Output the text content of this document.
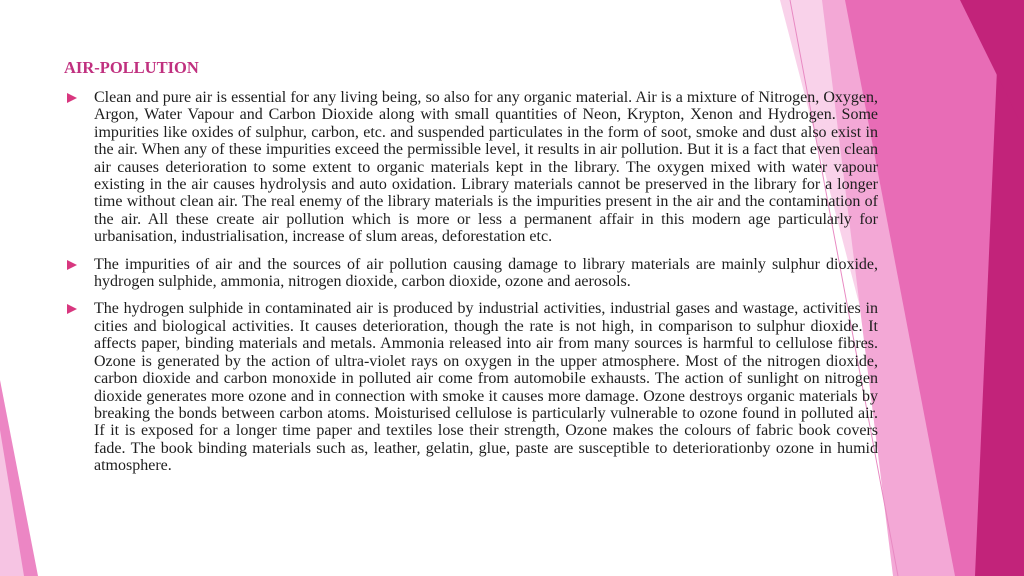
AIR-POLLUTION
Clean and pure air is essential for any living being, so also for any organic material. Air is a mixture of Nitrogen, Oxygen, Argon, Water Vapour and Carbon Dioxide along with small quantities of Neon, Krypton, Xenon and Hydrogen. Some impurities like oxides of sulphur, carbon, etc. and suspended particulates in the form of soot, smoke and dust also exist in the air. When any of these impurities exceed the permissible level, it results in air pollution. But it is a fact that even clean air causes deterioration to some extent to organic materials kept in the library. The oxygen mixed with water vapour existing in the air causes hydrolysis and auto oxidation. Library materials cannot be preserved in the library for a longer time without clean air. The real enemy of the library materials is the impurities present in the air and the contamination of the air. All these create air pollution which is more or less a permanent affair in this modern age particularly for urbanisation, industrialisation, increase of slum areas, deforestation etc.
The impurities of air and the sources of air pollution causing damage to library materials are mainly sulphur dioxide, hydrogen sulphide, ammonia, nitrogen dioxide, carbon dioxide, ozone and aerosols.
The hydrogen sulphide in contaminated air is produced by industrial activities, industrial gases and wastage, activities in cities and biological activities. It causes deterioration, though the rate is not high, in comparison to sulphur dioxide. It affects paper, binding materials and metals. Ammonia released into air from many sources is harmful to cellulose fibres. Ozone is generated by the action of ultra-violet rays on oxygen in the upper atmosphere. Most of the nitrogen dioxide, carbon dioxide and carbon monoxide in polluted air come from automobile exhausts. The action of sunlight on nitrogen dioxide generates more ozone and in connection with smoke it causes more damage. Ozone destroys organic materials by breaking the bonds between carbon atoms. Moisturised cellulose is particularly vulnerable to ozone found in polluted air. If it is exposed for a longer time paper and textiles lose their strength, Ozone makes the colours of fabric book covers fade. The book binding materials such as, leather, gelatin, glue, paste are susceptible to deteriorationby ozone in humid atmosphere.
